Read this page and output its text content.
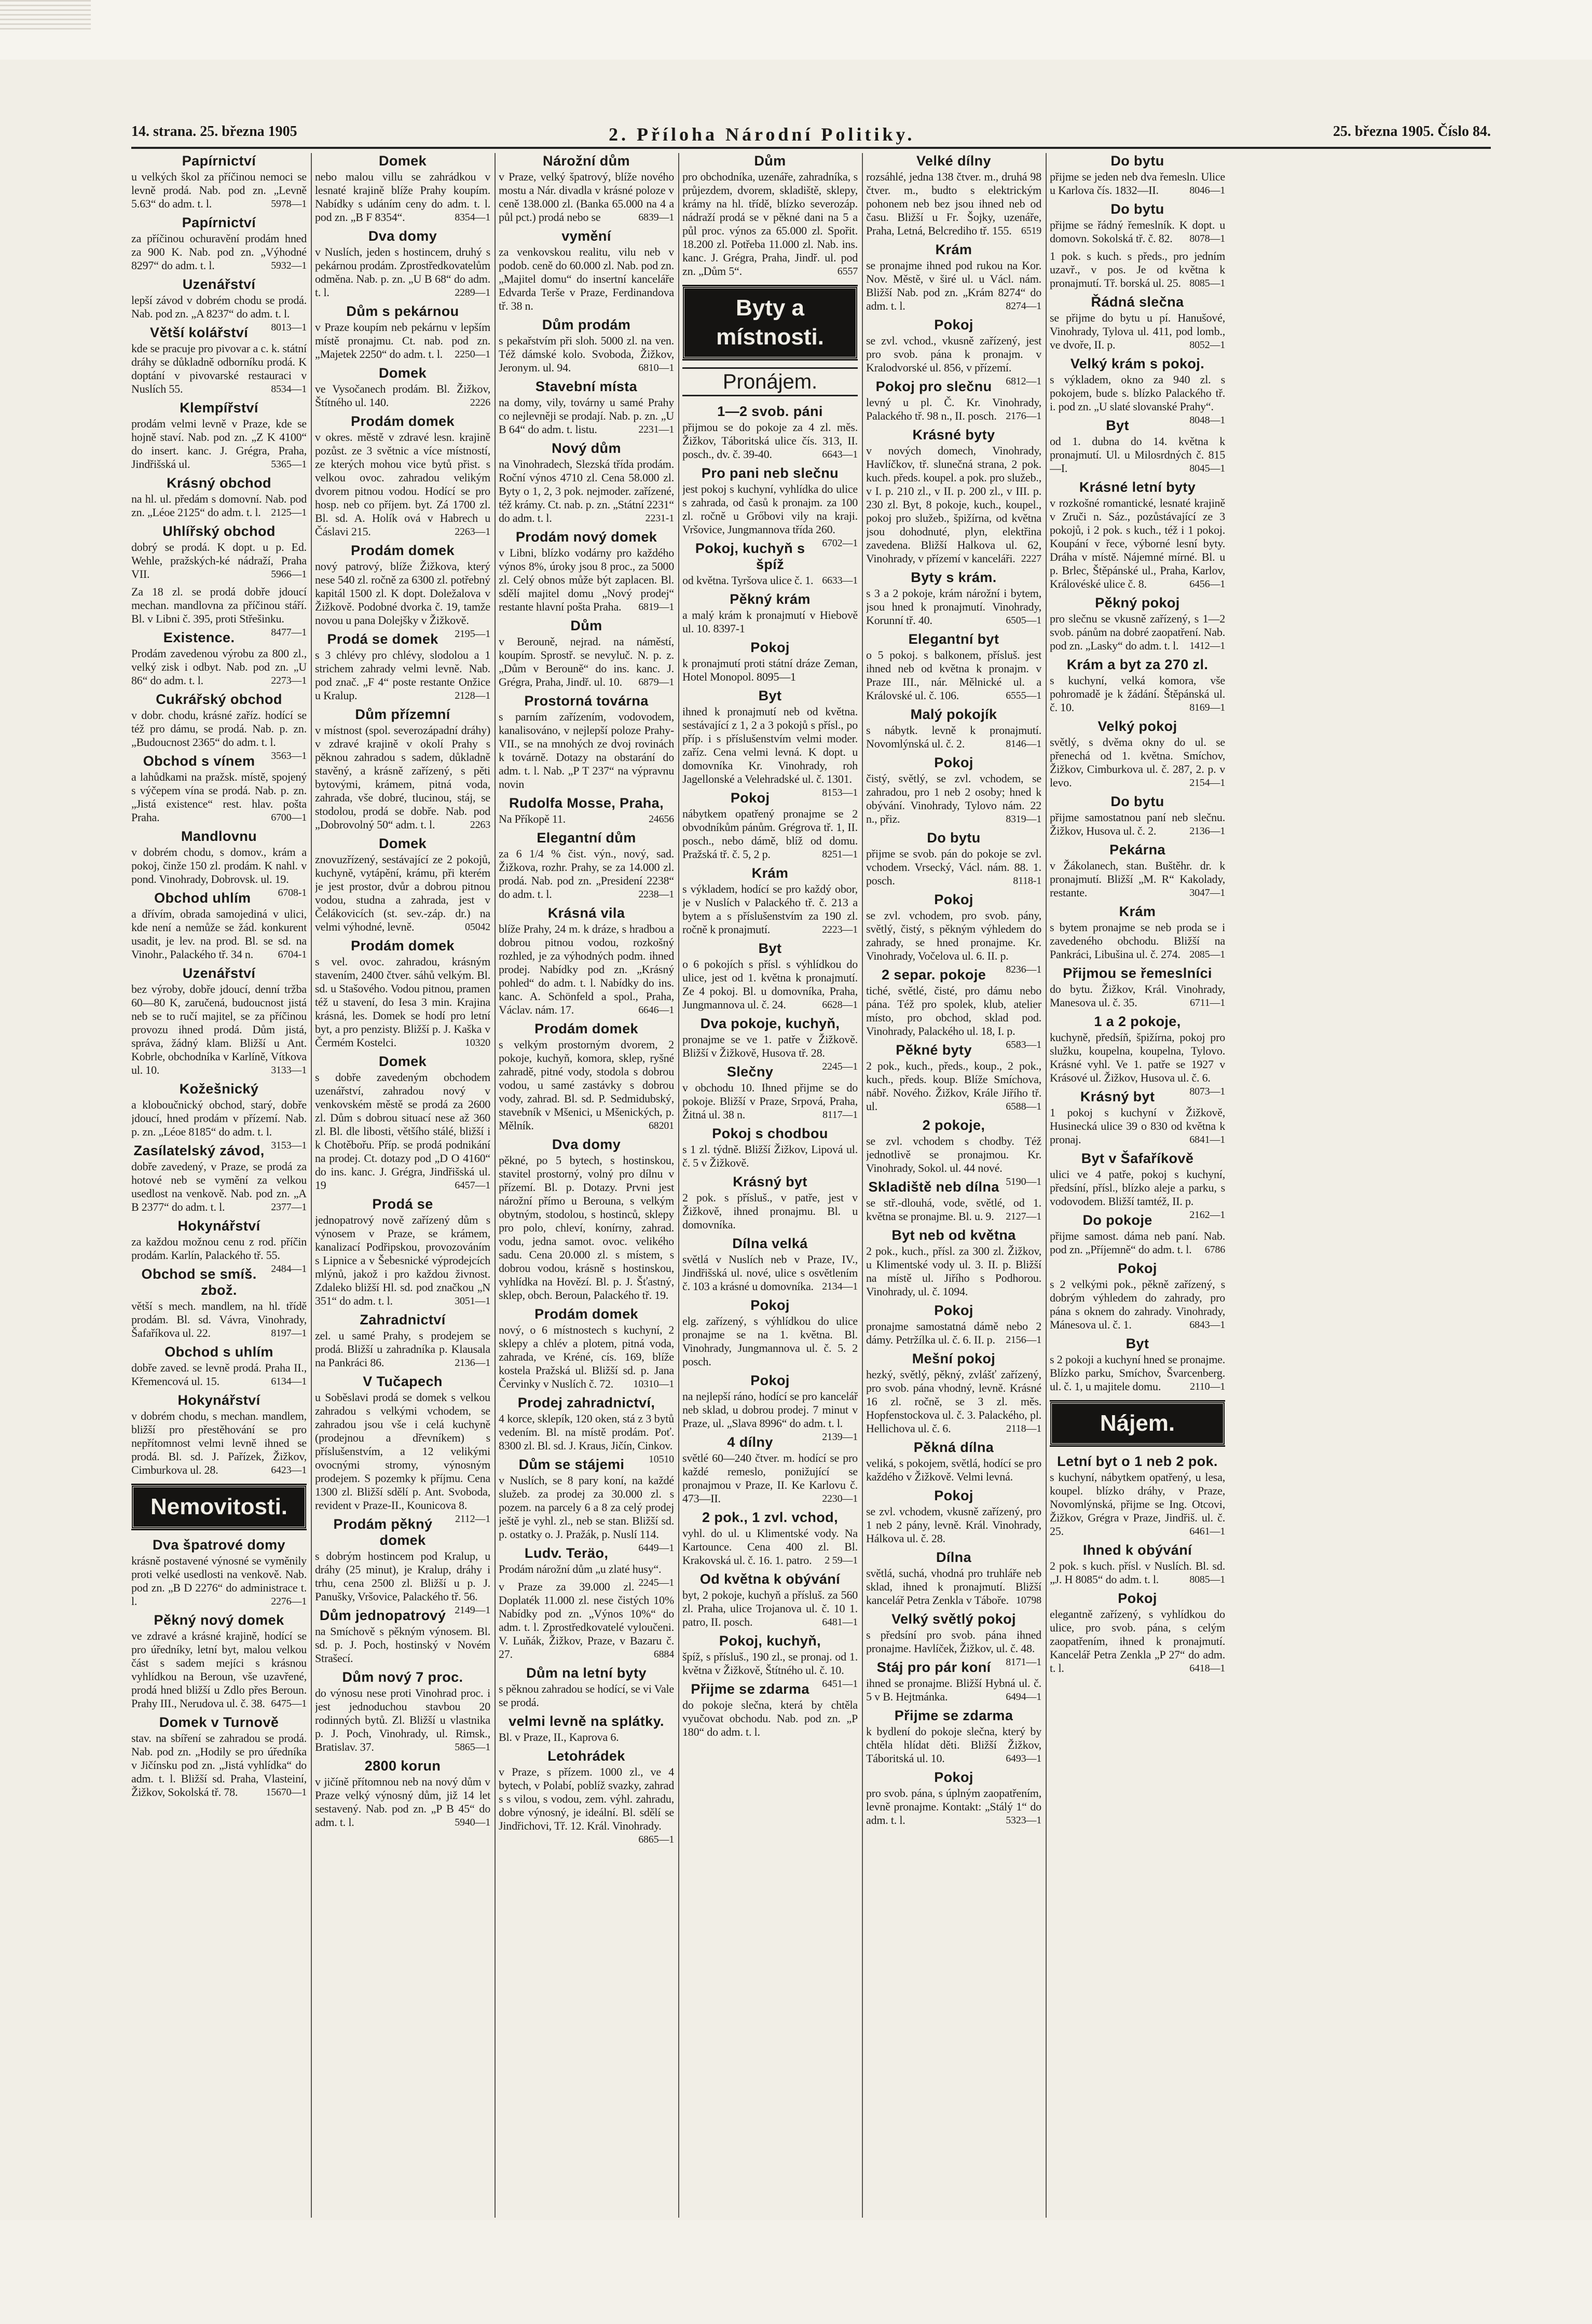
14. strana. 25. března 1905	2. Příloha Národní Politiky.	25. března 1905. Číslo 84.
Papírnictví
u velkých škol za příčinou nemoci se levně prodá. Nab. pod zn. „Levně 5.63“ do adm. t. l.	5978—1
Papírnictví
za příčinou ochuravění prodám hned za 900 K. Nab. pod zn. „Výhodné 8297“ do adm. t. l.	5932—1
Uzenářství
lepší závod v dobrém chodu se prodá. Nab. pod zn. „A 8237“ do adm. t. l.
8013—1
Větší kolářství
kde se pracuje pro pivovar a c. k. státní dráhy se důkladně odborníku prodá. K doptání v pivovarské restauraci v Nuslích 55.	8534—1
Klempířství
prodám velmi levně v Praze, kde se hojně staví. Nab. pod zn. „Z K 4100“ do insert. kanc. J. Grégra, Praha, Jindřišská ul.	5365—1
Krásný obchod
na hl. ul. předám s domovní. Nab. pod zn. „Léoe 2125“ do adm. t. l. 2125—1
Uhlířský obchod
dobrý se prodá. K dopt. u p. Ed. Wehle, pražských-ké nádraží, Praha VII.	5966—1
Za 18 zl. se prodá dobře jdoucí mechan. mandlovna za příčinou stáří. Bl. v Libni č. 395, proti Střešinku.
8477—1
Existence.
Prodám zavedenou výrobu za 800 zl., velký zisk i odbyt. Nab. pod zn. „U 86“ do adm. t. l.	2273—1
Cukrářský obchod
v dobr. chodu, krásné zaříz. hodící se též pro dámu, se prodá. Nab. p. zn. „Budoucnost 2365“ do adm. t. l.
3563—1
Obchod s vínem
a lahůdkami na pražsk. místě, spojený s výčepem vína se prodá. Nab. p. zn. „Jistá existence“ rest. hlav. pošta Praha.	6700—1
Mandlovnu
v dobrém chodu, s domov., krám a pokoj, činže 150 zl. prodám. K nahl. v pond. Vinohrady, Dobrovsk. ul. 19.
6708-1
Obchod uhlím
a dřívím, obrada samojediná v ulici, kde není a nemůže se žád. konkurent usadit, je lev. na prod. Bl. se sd. na Vinohr., Palackého tř. 34 n.	6704-1
Uzenářství
bez výroby, dobře jdoucí, denní tržba 60—80 K, zaručená, budoucnost jistá neb se to ručí majitel, se za příčinou provozu ihned prodá. Dům jistá, správa, žádný klam. Bližší u Ant. Kobrle, obchodníka v Karlíně, Vítkova ul. 10.	3133—1
Kožešnický
a kloboučnický obchod, starý, dobře jdoucí, hned prodám v přízemí. Nab. p. zn. „Léoe 8185“ do adm. t. l.
3153—1
Zasílatelský závod,
dobře zavedený, v Praze, se prodá za hotové neb se vymění za velkou usedlost na venkově. Nab. pod zn. „A B 2377“ do adm. t. l.	2377—1
Hokynářství
za každou možnou cenu z rod. příčin prodám. Karlín, Palackého tř. 55.
2484—1
Obchod se smíš. zbož.
větší s mech. mandlem, na hl. třídě prodám. Bl. sd. Vávra, Vinohrady, Šafaříkova ul. 22.	8197—1
Obchod s uhlím
dobře zaved. se levně prodá. Praha II., Křemencová ul. 15.	6134—1
Hokynářství
v dobrém chodu, s mechan. mandlem, bližší pro přestěhování se pro nepřítomnost velmi levně ihned se prodá. Bl. sd. J. Pařízek, Žižkov, Cimburkova ul. 28.	6423—1
Nemovitosti.
Dva špatrové domy
krásně postavené výnosné se vyměnily proti velké usedlosti na venkově. Nab. pod zn. „B D 2276“ do administrace t. l.	2276—1
Pěkný nový domek
ve zdravé a krásné krajině, hodící se pro úředníky, letní byt, malou velkou část s sadem mejíci s krásnou vyhlídkou na Beroun, vše uzavřené, prodá hned bližší u Zdlo přes Beroun. Prahy III., Nerudova ul. č. 38. 6475—1
Domek v Turnově
stav. na sbíření se zahradou se prodá. Nab. pod zn. „Hodily se pro úředníka v Jičínsku pod zn. „Jistá vyhlídka“ do adm. t. l. Bližší sd. Praha, Vlasteiní, Žižkov, Sokolská tř. 78.	15670—1
Domek
nebo malou villu se zahrádkou v lesnaté krajině blíže Prahy koupím. Nabídky s udáním ceny do adm. t. l. pod zn. „B F 8354“.	8354—1
Dva domy
v Nuslích, jeden s hostincem, druhý s pekárnou prodám. Zprostředkovatelům odměna. Nab. p. zn. „U B 68“ do adm. t. l.	2289—1
Dům s pekárnou
v Praze koupím neb pekárnu v lepším místě pronajmu. Ct. nab. pod zn. „Majetek 2250“ do adm. t. l.	2250—1
Domek
ve Vysočanech prodám. Bl. Žižkov, Štítného ul. 140.	2226
Prodám domek
v okres. městě v zdravé lesn. krajině pozůst. ze 3 světnic a více místností, ze kterých mohou vice bytů přist. s velkou ovoc. zahradou velikým dvorem pitnou vodou. Hodící se pro hosp. neb co příjem. byt. Zá 1700 zl. Bl. sd. A. Holík ová v Habrech u Čáslavi 215.	2263—1
Prodám domek
nový patrový, blíže Žižkova, který nese 540 zl. ročně za 6300 zl. potřebný kapitál 1500 zl. K dopt. Doležalova v Žižkově. Podobné dvorka č. 19, tamže novou u pana Dolejšky v Žižkově.
2195—1
Prodá se domek
s 3 chlévy pro chlévy, slodolou a 1 strichem zahrady velmi levně. Nab. pod znač. „F 4“ poste restante Onžice u Kralup.	2128—1
Dům přízemní
v místnost (spol. severozápadní dráhy) v zdravé krajině v okolí Prahy s pěknou zahradou s sadem, důkladně stavěný, a krásně zařízený, s pěti bytovými, krámem, pitná voda, zahrada, vše dobré, tlucinou, stáj, se stodolou, prodá se dobře. Nab. pod „Dobrovolný 50“ adm. t. l.	2263
Domek
znovuzřízený, sestávající ze 2 pokojů, kuchyně, vytápění, krámu, při kterém je jest prostor, dvůr a dobrou pitnou vodou, studna a zahrada, jest v Čelákovicích (st. sev.-záp. dr.) na velmi výhodné, levně.	05042
Prodám domek
s vel. ovoc. zahradou, krásným stavením, 2400 čtver. sáhů velkým. Bl. sd. u Stašového. Vodou pitnou, pramen též u stavení, do Iesa 3 min. Krajina krásná, les. Domek se hodí pro letní byt, a pro penzisty. Bližší p. J. Kaška v Čermém Kostelci.	10320
Domek
s dobře zavedeným obchodem uzenářství, zahradou nový v venkovském městě se prodá za 2600 zl. Dům s dobrou situací nese až 360 zl. Bl. dle libosti, většího stálé, bližší i k Chotěbořu. Příp. se prodá podnikání na prodej. Ct. dotazy pod „D O 4160“ do ins. kanc. J. Grégra, Jindřišská ul. 19	6457—1
Prodá se
jednopatrový nově zařízený dům s výnosem v Praze, se krámem, kanalizací Podřipskou, provozováním s Lipnice a v Šebesnické výprodejcích mlýnů, jakož i pro každou živnost. Zdaleko bližší Hl. sd. pod značkou „N 351“ do adm. t. l.	3051—1
Zahradnictví
zel. u samé Prahy, s prodejem se prodá. Bližší u zahradníka p. Klausala na Pankráci 86.	2136—1
V Tučapech
u Soběslavi prodá se domek s velkou zahradou s velkými vchodem, se zahradou jsou vše i celá kuchyně (prodejnou a dřevníkem) s příslušenstvím, a 12 velikými ovocnými stromy, výnosným prodejem. S pozemky k příjmu. Cena 1300 zl. Bližší sdělí p. Ant. Svoboda, revident v Praze-II., Kounicova 8.
2112—1
Prodám pěkný domek
s dobrým hostincem pod Kralup, u dráhy (25 minut), je Kralup, dráhy i trhu, cena 2500 zl. Bližší u p. J. Panušky, Vršovice, Palackého tř. 56.
2149—1
Dům jednopatrový
na Smíchově s pěkným výnosem. Bl. sd. p. J. Poch, hostinský v Novém Strašecí.
Dům nový 7 proc.
do výnosu nese proti Vinohrad proc. i jest jednoduchou stavbou 20 rodinných bytů. Zl. Bližší u vlastnika p. J. Poch, Vinohrady, ul. Rimsk., Bratislav. 37.	5865—1
2800 korun
v jičíně přítomnou neb na nový dům v Praze velký výnosný dům, již 14 let sestavený. Nab. pod zn. „P B 45“ do adm. t. l.	5940—1
Nárožní dům
v Praze, velký špatrový, blíže nového mostu a Nár. divadla v krásné poloze v ceně 138.000 zl. (Banka 65.000 na 4 a půl pct.) prodá nebo se	6839—1
vymění
za venkovskou realitu, vilu neb v podob. ceně do 60.000 zl. Nab. pod zn. „Majitel domu“ do insertní kanceláře Edvarda Terše v Praze, Ferdinandova tř. 38 n.
Dům prodám
s pekařstvím při sloh. 5000 zl. na ven. Též dámské kolo. Svoboda, Žižkov, Jeronym. ul. 94.	6810—1
Stavební místa
na domy, vily, továrny u samé Prahy co nejlevněji se prodají. Nab. p. zn. „U B 64“ do adm. t. listu.	2231—1
Nový dům
na Vinohradech, Slezská třída prodám. Roční výnos 4710 zl. Cena 58.000 zl. Byty o 1, 2, 3 pok. nejmoder. zařízené, též krámy. Ct. nab. p. zn. „Státní 2231“ do adm. t. l.	2231-1
Prodám nový domek
v Libni, blízko vodárny pro každého výnos 8%, úroky jsou 8 proc., za 5000 zl. Celý obnos může být zaplacen. Bl. sdělí majitel domu „Nový prodej“ restante hlavní pošta Praha.	6819—1
Dům
v Berouně, nejrad. na náměstí, koupím. Sprostř. se nevyluč. N. p. z. „Dům v Berouně“ do ins. kanc. J. Grégra, Praha, Jindř. ul. 10.	6879—1
Prostorná továrna
s parním zařízením, vodovodem, kanalisováno, v nejlepší poloze Prahy-VII., se na mnohých ze dvoj rovinách k továrně. Dotazy na obstarání do adm. t. l. Nab. „P T 237“ na výpravnu novin
Rudolfa Mosse, Praha,
Na Příkopě 11.	24656
Elegantní dům
za 6 1/4 % čist. výn., nový, sad. Žižkova, rozhr. Prahy, se za 14.000 zl. prodá. Nab. pod zn. „Presidení 2238“ do adm. t. l.	2238—1
Krásná vila
blíže Prahy, 24 m. k dráze, s hradbou a dobrou pitnou vodou, rozkošný rozhled, je za výhodných podm. ihned prodej. Nabídky pod zn. „Krásný pohled“ do adm. t. l. Nabídky do ins. kanc. A. Schönfeld a spol., Praha, Václav. nám. 17.	6646—1
Prodám domek
s velkým prostorným dvorem, 2 pokoje, kuchyň, komora, sklep, ryšné zahradě, pitné vody, stodola s dobrou vodou, u samé zastávky s dobrou vody, zahrad. Bl. sd. P. Sedmidubský, stavebník v Mšenici, u Mšenických, p. Mělník.	68201
Dva domy
pěkné, po 5 bytech, s hostinskou, stavitel prostorný, volný pro dílnu v přízemí. Bl. p. Dotazy. Prvni jest nárožní přímo u Berouna, s velkým obytným, stodolou, s hostinců, sklepy pro polo, chleví, konírny, zahrad. vodu, jedna samot. ovoc. velikého sadu. Cena 20.000 zl. s místem, s dobrou vodou, krásně s hostinskou, vyhlídka na Hovězí. Bl. p. J. Šťastný, sklep, obch. Beroun, Palackého tř. 19.
Prodám domek
nový, o 6 místnostech s kuchyní, 2 sklepy a chlév a plotem, pitná voda, zahrada, ve Kréné, cís. 169, blíže kostela Pražská ul. Bližší sd. p. Jana Červinky v Nuslích č. 72.	10310—1
Prodej zahradnictví,
4 korce, sklepík, 120 oken, stá z 3 bytů vedením. Bl. na místě prodám. Poť. 8300 zl. Bl. sd. J. Kraus, Jičín, Cinkov.
10510
Dům se stájemi
v Nuslích, se 8 pary koní, na každé služeb. za prodej za 30.000 zl. s pozem. na parcely 6 a 8 za celý prodej ještě je vyhl. zl., neb se stan. Bližší sd. p. ostatky o. J. Pražák, p. Nuslí 114.
6449—1
Ludv. Teräo,
Prodám nárožní dům „u zlaté husy“.
2245—1
v Praze za 39.000 zl. Doplaték 11.000 zl. nese čistých 10% Nabídky pod zn. „Výnos 10%“ do adm. t. l. Zprostředkovatelé vyloučeni. V. Luňák, Žižkov, Praze, v Bazaru č. 27.	6884
Dům na letní byty
s pěknou zahradou se hodící, se vi Vale se prodá.
velmi levně na splátky.
Bl. v Praze, II., Kaprova 6.
Letohrádek
v Praze, s přízem. 1000 zl., ve 4 bytech, v Polabí, poblíž svazky, zahrad s s vilou, s vodou, zem. výhl. zahradu, dobre výnosný, je ideální. Bl. sdělí se Jindřichovi, Tř. 12. Král. Vinohrady.
6865—1
Dům
pro obchodníka, uzenáře, zahradníka, s průjezdem, dvorem, skladiště, sklepy, krámy na hl. třídě, blízko severozáp. nádraží prodá se v pěkné dani na 5 a půl proc. výnos za 65.000 zl. Spořit. 18.200 zl. Potřeba 11.000 zl. Nab. ins. kanc. J. Grégra, Praha, Jindř. ul. pod zn. „Dům 5“.	6557
Byty a místnosti.
Pronájem.
1—2 svob. páni
přijmou se do pokoje za 4 zl. měs. Žižkov, Táboritská ulice čís. 313, II. posch., dv. č. 39-40.	6643—1
Pro pani neb slečnu
jest pokoj s kuchyní, vyhlídka do ulice s zahrada, od časů k pronajm. za 100 zl. ročně u Grőbovi vily na kraji. Vršovice, Jungmannova třída 260.
6702—1
Pokoj, kuchyň s špíž
od května. Tyršova ulice č. 1. 6633—1
Pěkný krám
a malý krám k pronajmutí v Hiebově ul. 10. 8397-1
Pokoj
k pronajmutí proti státní dráze Zeman, Hotel Monopol. 8095—1
Byt
ihned k pronajmutí neb od května. sestávající z 1, 2 a 3 pokojů s přísl., po příp. i s příslušenstvím velmi moder. zaříz. Cena velmi levná. K dopt. u domovníka Kr. Vinohrady, roh Jagellonské a Velehradské ul. č. 1301.
8153—1
Pokoj
nábytkem opatřený pronajme se 2 obvodníkům pánům. Grégrova tř. 1, II. posch., nebo dámě, blíž od domu. Pražská tř. č. 5, 2 p.	8251—1
Krám
s výkladem, hodící se pro každý obor, je v Nuslích v Palackého tř. č. 213 a bytem a s příslušenstvím za 190 zl. ročně k pronajmutí.	2223—1
Byt
o 6 pokojích s přísl. s výhlídkou do ulice, jest od 1. května k pronajmutí. Ze 4 pokoj. Bl. u domovníka, Praha, Jungmannova ul. č. 24.	6628—1
Dva pokoje, kuchyň,
pronajme se ve 1. patře v Žižkově. Bližší v Žižkově, Husova tř. 28.
2245—1
Slečny
v obchodu 10. Ihned přijme se do pokoje. Bližší v Praze, Srpová, Praha, Žitná ul. 38 n.	8117—1
Pokoj s chodbou
s 1 zl. týdně. Bližší Žižkov, Lipová ul. č. 5 v Žižkově.
Krásný byt
2 pok. s přísluš., v patře, jest v Žižkově, ihned pronajmu. Bl. u domovníka.
Dílna velká
světlá v Nuslích neb v Praze, IV., Jindřišská ul. nové, ulice s osvětlením č. 103 a krásné u domovníka. 2134—1
Pokoj
elg. zařízený, s výhlídkou do ulice pronajme se na 1. května. Bl. Vinohrady, Jungmannova ul. č. 5. 2 posch.
Pokoj
na nejlepší ráno, hodící se pro kancelář neb sklad, u dobrou prodej. 7 minut v Praze, ul. „Slava 8996“ do adm. t. l.
2139—1
4 dílny
světlé 60—240 čtver. m. hodící se pro každé remeslo, ponižující se pronajmou v Praze, II. Ke Karlovu č. 473—II.	2230—1
2 pok., 1 zvl. vchod,
vyhl. do ul. u Klimentské vody. Na Kartounce. Cena 400 zl. Bl. Krakovská ul. č. 16. 1. patro.	2 59—1
Od května k obývání
byt, 2 pokoje, kuchyň a přísluš. za 560 zl. Praha, ulice Trojanova ul. č. 10 1. patro, II. posch.	6481—1
Pokoj, kuchyň,
špíž, s přísluš., 190 zl., se pronaj. od 1. května v Žižkově, Štítného ul. č. 10.
6451—1
Přijme se zdarma
do pokoje slečna, která by chtěla vyučovat obchodu. Nab. pod zn. „P 180“ do adm. t. l.
Velké dílny
rozsáhlé, jedna 138 čtver. m., druhá 98 čtver. m., budto s elektrickým pohonem neb bez jsou ihned neb od času. Bližší u Fr. Šojky, uzenáře, Praha, Letná, Belcrediho tř. 155. 6519
Krám
se pronajme ihned pod rukou na Kor. Nov. Městě, v širé ul. u Václ. nám. Bližší Nab. pod zn. „Krám 8274“ do adm. t. l.	8274—1
Pokoj
se zvl. vchod., vkusně zařízený, jest pro svob. pána k pronajm. v Kralodvorské ul. 856, v přízemí.
6812—1
Pokoj pro slečnu
levný u pl. Č. Kr. Vinohrady, Palackého tř. 98 n., II. posch. 2176—1
Krásné byty
v nových domech, Vinohrady, Havlíčkov, tř. slunečná strana, 2 pok. kuch. předs. koupel. a pok. pro služeb., v I. p. 210 zl., v II. p. 200 zl., v III. p. 230 zl. Byt, 8 pokoje, kuch., koupel., pokoj pro služeb., špižírna, od května jsou dohodnuté, plyn, elektřina zavedena. Bližší Halkova ul. 62, Vinohrady, v přízemí v kanceláři. 2227
Byty s krám.
s 3 a 2 pokoje, krám nárožní i bytem, jsou hned k pronajmutí. Vinohrady, Korunní tř. 40.	6505—1
Elegantní byt
o 5 pokoj. s balkonem, přísluš. jest ihned neb od května k pronajm. v Praze III., nár. Mělnické ul. a Královské ul. č. 106.	6555—1
Malý pokojík
s nábytk. levně k pronajmutí. Novomlýnská ul. č. 2.	8146—1
Pokoj
čistý, světlý, se zvl. vchodem, se zahradou, pro 1 neb 2 osoby; hned k obývání. Vinohrady, Tylovo nám. 22 n., přiz.	8319—1
Do bytu
přijme se svob. pán do pokoje se zvl. vchodem. Vrsecký, Václ. nám. 88. 1. posch.	8118-1
Pokoj
se zvl. vchodem, pro svob. pány, světlý, čistý, s pěkným výhledem do zahrady, se hned pronajme. Kr. Vinohrady, Vočelova ul. 6. II. p.
8236—1
2 separ. pokoje
tiché, světlé, čisté, pro dámu nebo pána. Též pro spolek, klub, atelier místo, pro obchod, sklad pod. Vinohrady, Palackého ul. 18, I. p.
6583—1
Pěkné byty
2 pok., kuch., předs., koup., 2 pok., kuch., předs. koup. Blíže Smíchova, nábř. Nového. Žižkov, Krále Jiřího tř. ul.	6588—1
2 pokoje,
se zvl. vchodem s chodby. Též jednotlivě se pronajmou. Kr. Vinohrady, Sokol. ul. 44 nové.
5190—1
Skladiště neb dílna
se stř.-dlouhá, vode, světlé, od 1. května se pronajme. Bl. u. 9.	2127—1
Byt neb od května
2 pok., kuch., přísl. za 300 zl. Žižkov, u Klimentské vody ul. 3. II. p. Bližší na místě ul. Jiřího s Podhorou. Vinohrady, ul. č. 1094.
Pokoj
pronajme samostatná dámě nebo 2 dámy. Petržílka ul. č. 6. II. p.	2156—1
Mešní pokoj
hezký, světlý, pěkný, zvlášť zařízený, pro svob. pána vhodný, levně. Krásné 16 zl. ročně, se 3 zl. měs. Hopfenstockova ul. č. 3. Palackého, pl. Hellichova ul. č. 6.	2118—1
Pěkná dílna
veliká, s pokojem, světlá, hodící se pro každého v Žižkově. Velmi levná.
Pokoj
se zvl. vchodem, vkusně zařízený, pro 1 neb 2 pány, levně. Král. Vinohrady, Hálkova ul. č. 28.
Dílna
světlá, suchá, vhodná pro truhláře neb sklad, ihned k pronajmutí. Bližší kancelář Petra Zenkla v Táboře. 10798
Velký světlý pokoj
s předsíní pro svob. pána ihned pronajme. Havlíček, Žižkov, ul. č. 48.
8171—1
Stáj pro pár koní
ihned se pronajme. Bližší Hybná ul. č. 5 v B. Hejtmánka.	6494—1
Přijme se zdarma
k bydlení do pokoje slečna, který by chtěla hlídat děti. Bližší Žižkov, Táboritská ul. 10.	6493—1
Pokoj
pro svob. pána, s úplným zaopatřením, levně pronajme. Kontakt: „Stálý 1“ do adm. t. l.	5323—1
Do bytu
přijme se jeden neb dva řemesln. Ulice u Karlova čís. 1832—II.	8046—1
Do bytu
přijme se řádný řemeslník. K dopt. u domovn. Sokolská tř. č. 82.	8078—1
1 pok. s kuch. s předs., pro jedním uzavř., v pos. Je od května k pronajmutí. Tř. borská ul. 25. 8085—1
Řádná slečna
se přijme do bytu u pí. Hanušové, Vinohrady, Tylova ul. 411, pod lomb., ve dvoře, II. p.	8052—1
Velký krám s pokoj.
s výkladem, okno za 940 zl. s pokojem, bude s. blízko Palackého tř. i. pod zn. „U slaté slovanské Prahy“.
8048—1
Byt
od 1. dubna do 14. května k pronajmutí. Ul. u Milosrdných č. 815—I.	8045—1
Krásné letní byty
v rozkošné romantické, lesnaté krajině v Zruči n. Sáz., pozůstávající ze 3 pokojů, i 2 pok. s kuch., též i 1 pokoj. Koupání v řece, výborné lesní byty. Dráha v místě. Nájemné mírné. Bl. u p. Brlec, Štěpánské ul., Praha, Karlov, Královéské ulice č. 8.	6456—1
Pěkný pokoj
pro slečnu se vkusně zařízený, s 1—2 svob. pánům na dobré zaopatření. Nab. pod zn. „Lasky“ do adm. t. l.	1412—1
Krám a byt za 270 zl.
s kuchyní, velká komora, vše pohromadě je k žádání. Štěpánská ul. č. 10.	8169—1
Velký pokoj
světlý, s dvěma okny do ul. se přenechá od 1. května. Smíchov, Žižkov, Cimburkova ul. č. 287, 2. p. v levo.	2154—1
Do bytu
přijme samostatnou paní neb slečnu. Žižkov, Husova ul. č. 2.	2136—1
Pekárna
v Žákolanech, stan. Buštěhr. dr. k pronajmutí. Bližší „M. R“ Kakolady, restante.	3047—1
Krám
s bytem pronajme se neb proda se i zavedeného obchodu. Bližší na Pankráci, Libušina ul. č. 274. 2085—1
Přijmou se řemeslníci
do bytu. Žižkov, Král. Vinohrady, Manesova ul. č. 35.	6711—1
1 a 2 pokoje,
kuchyně, předsíň, špižírna, pokoj pro služku, koupelna, koupelna, Tylovo. Krásné vyhl. Ve 1. patře se 1927 v Krásové ul. Žižkov, Husova ul. č. 6.
8073—1
Krásný byt
1 pokoj s kuchyní v Žižkově, Husinecká ulice 39 o 830 od května k pronaj.	6841—1
Byt v Šafaříkově
ulici ve 4 patře, pokoj s kuchyní, předsíní, přísl., blízko aleje a parku, s vodovodem. Bližší tamtéž, II. p.
2162—1
Do pokoje
přijme samost. dáma neb paní. Nab. pod zn. „Příjemně“ do adm. t. l.	6786
Pokoj
s 2 velkými pok., pěkně zařízený, s dobrým výhledem do zahrady, pro pána s oknem do zahrady. Vinohrady, Mánesova ul. č. 1.	6843—1
Byt
s 2 pokoji a kuchyní hned se pronajme. Blízko parku, Smíchov, Švarcenberg. ul. č. 1, u majitele domu.	2110—1
Nájem.
Letní byt o 1 neb 2 pok.
s kuchyní, nábytkem opatřený, u lesa, koupel. blízko dráhy, v Praze, Novomlýnská, přijme se Ing. Otcovi, Žižkov, Grégra v Praze, Jindřiš. ul. č. 25.	6461—1
Ihned k obývání
2 pok. s kuch. přísl. v Nuslích. Bl. sd. „J. H 8085“ do adm. t. l.	8085—1
Pokoj
elegantně zařízený, s vyhlídkou do ulice, pro svob. pána, s celým zaopatřením, ihned k pronajmutí. Kancelář Petra Zenkla „P 27“ do adm. t. l.	6418—1
